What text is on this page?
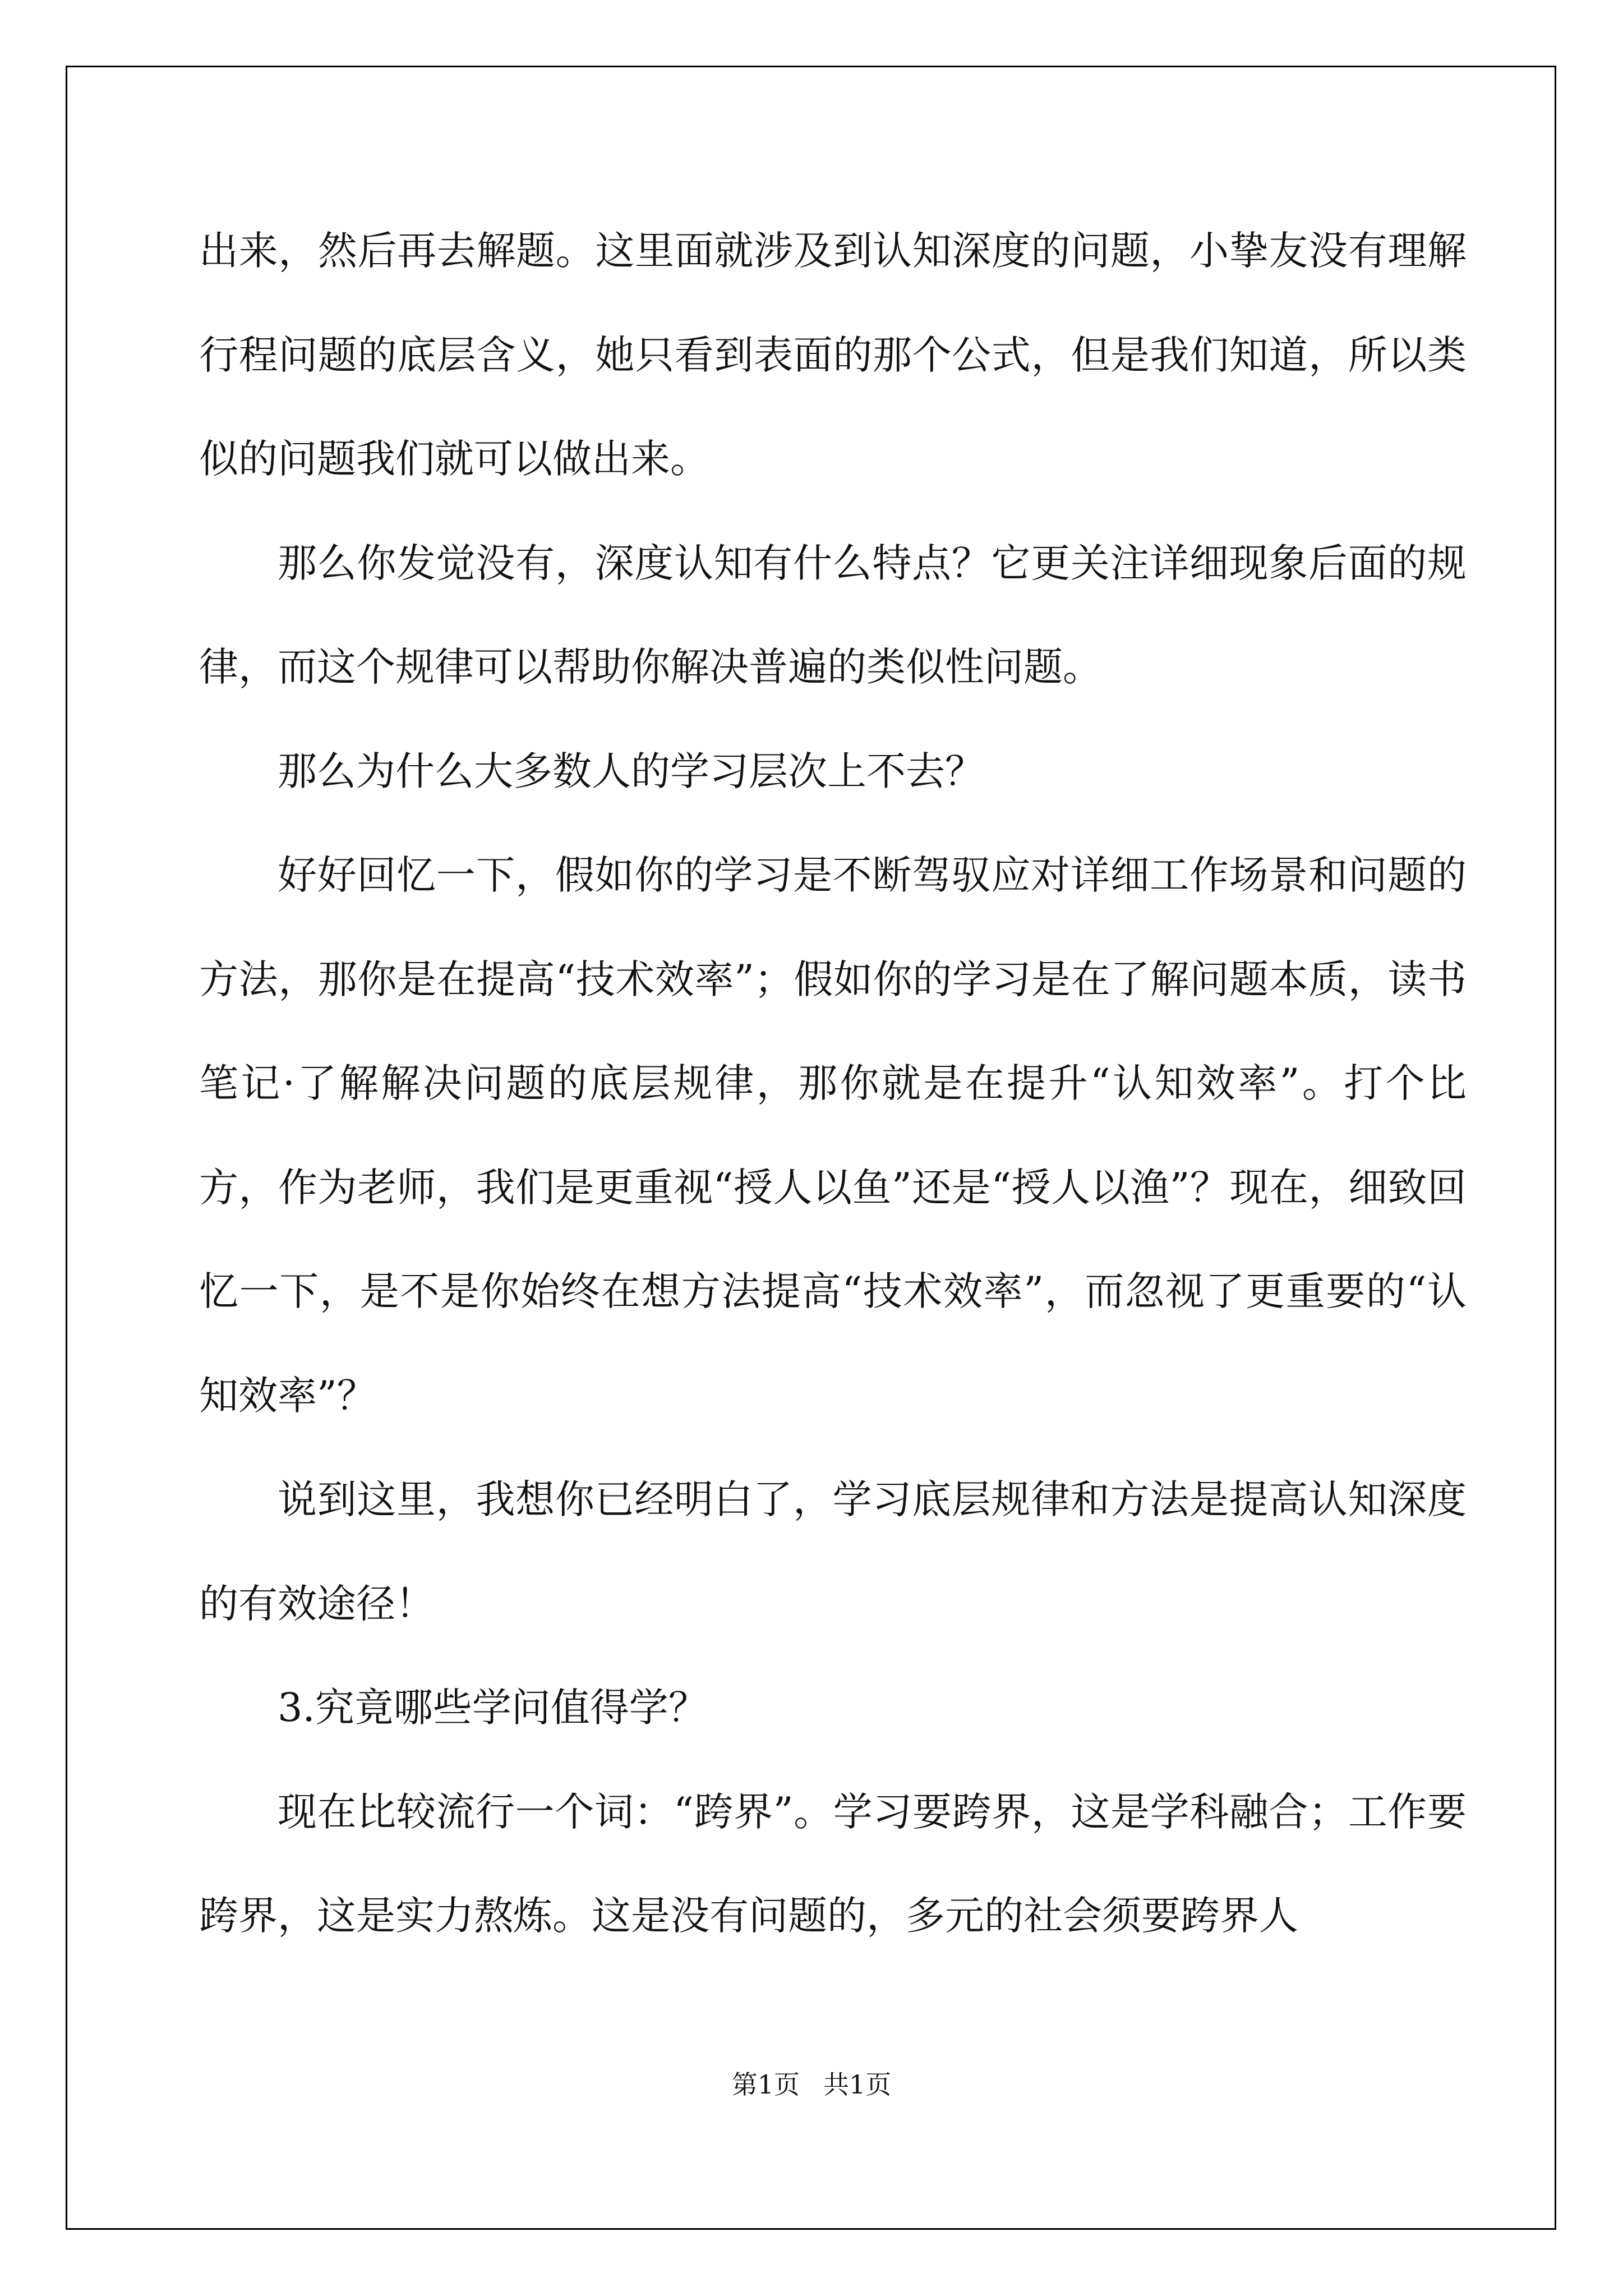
出来，然后再去解题。这里面就涉及到认知深度的问题，小挚友没有理解行程问题的底层含义，她只看到表面的那个公式，但是我们知道，所以类似的问题我们就可以做出来。

那么你发觉没有，深度认知有什么特点？它更关注详细现象后面的规律，而这个规律可以帮助你解决普遍的类似性问题。

那么为什么大多数人的学习层次上不去？

好好回忆一下，假如你的学习是不断驾驭应对详细工作场景和问题的方法，那你是在提高“技术效率”；假如你的学习是在了解问题本质，读书笔记·了解解决问题的底层规律，那你就是在提升“认知效率”。打个比方，作为老师，我们是更重视“授人以鱼”还是“授人以渔”？现在，细致回忆一下，是不是你始终在想方法提高“技术效率”，而忽视了更重要的“认知效率”？

说到这里，我想你已经明白了，学习底层规律和方法是提高认知深度的有效途径！

3.究竟哪些学问值得学？

现在比较流行一个词：“跨界”。学习要跨界，这是学科融合；工作要跨界，这是实力熬炼。这是没有问题的，多元的社会须要跨界人

第1页 共1页
